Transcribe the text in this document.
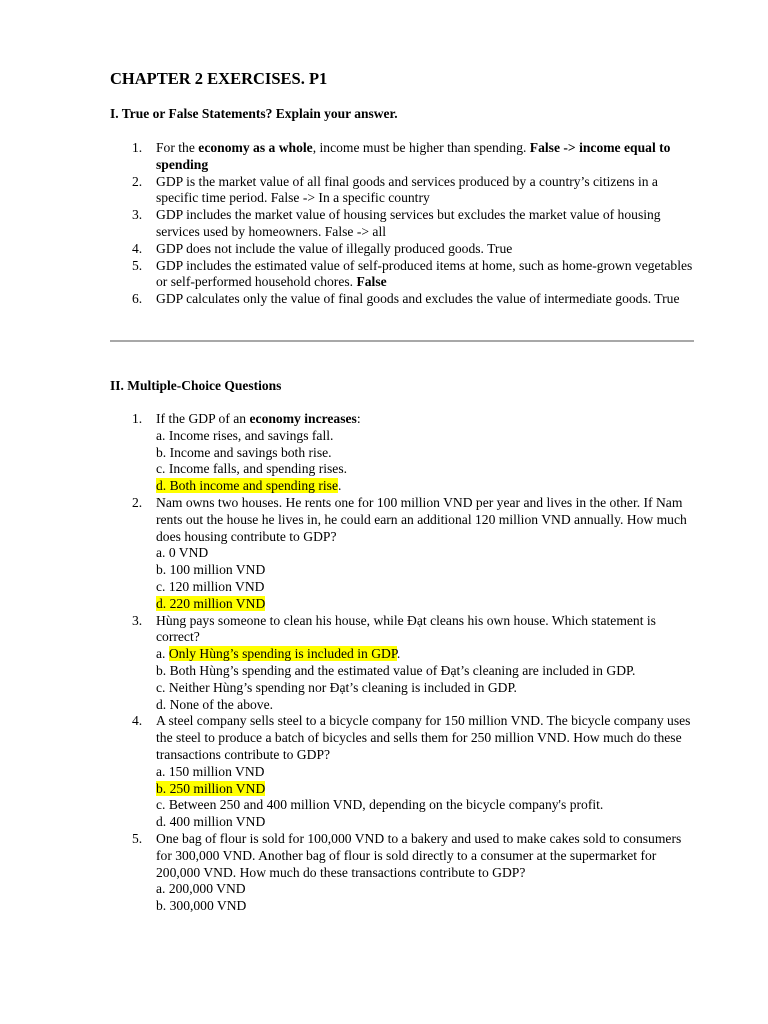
CHAPTER 2 EXERCISES. P1
I. True or False Statements? Explain your answer.
1. For the economy as a whole, income must be higher than spending. False -> income equal to spending
2. GDP is the market value of all final goods and services produced by a country’s citizens in a specific time period. False -> In a specific country
3. GDP includes the market value of housing services but excludes the market value of housing services used by homeowners. False -> all
4. GDP does not include the value of illegally produced goods. True
5. GDP includes the estimated value of self-produced items at home, such as home-grown vegetables or self-performed household chores. False
6. GDP calculates only the value of final goods and excludes the value of intermediate goods. True
II. Multiple-Choice Questions
1. If the GDP of an economy increases:
a. Income rises, and savings fall.
b. Income and savings both rise.
c. Income falls, and spending rises.
d. Both income and spending rise.
2. Nam owns two houses. He rents one for 100 million VND per year and lives in the other. If Nam rents out the house he lives in, he could earn an additional 120 million VND annually. How much does housing contribute to GDP?
a. 0 VND
b. 100 million VND
c. 120 million VND
d. 220 million VND
3. Hùng pays someone to clean his house, while Đạt cleans his own house. Which statement is correct?
a. Only Hùng’s spending is included in GDP.
b. Both Hùng’s spending and the estimated value of Đạt’s cleaning are included in GDP.
c. Neither Hùng’s spending nor Đạt’s cleaning is included in GDP.
d. None of the above.
4. A steel company sells steel to a bicycle company for 150 million VND. The bicycle company uses the steel to produce a batch of bicycles and sells them for 250 million VND. How much do these transactions contribute to GDP?
a. 150 million VND
b. 250 million VND
c. Between 250 and 400 million VND, depending on the bicycle company's profit.
d. 400 million VND
5. One bag of flour is sold for 100,000 VND to a bakery and used to make cakes sold to consumers for 300,000 VND. Another bag of flour is sold directly to a consumer at the supermarket for 200,000 VND. How much do these transactions contribute to GDP?
a. 200,000 VND
b. 300,000 VND
